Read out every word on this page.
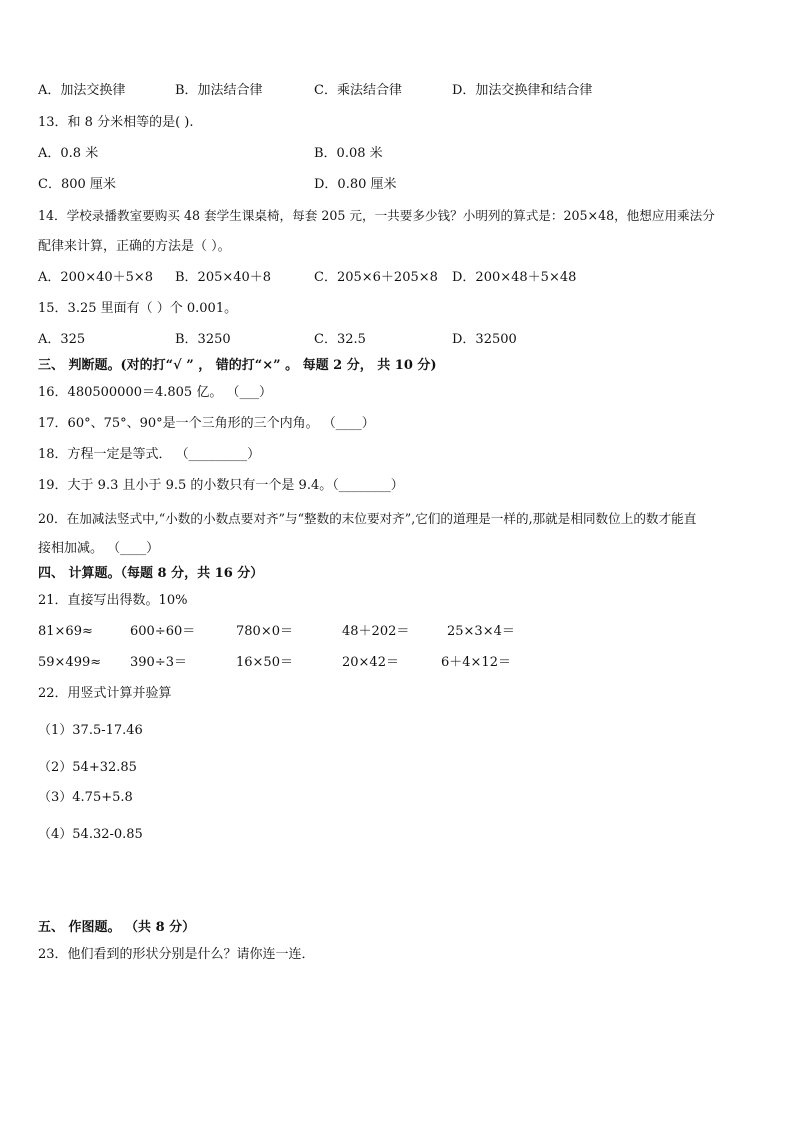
A．加法交换律	B．加法结合律	C．乘法结合律	D．加法交换律和结合律
13．和 8 分米相等的是( ).
A．0.8 米	B．0.08 米
C．800 厘米	D．0.80 厘米
14．学校录播教室要购买 48 套学生课桌椅，每套 205 元，一共要多少钱？小明列的算式是：205×48，他想应用乘法分
配律来计算，正确的方法是（ ）。
A．200×40＋5×8 B．205×40＋8	C．205×6＋205×8 D．200×48＋5×48
15．3.25 里面有（ ）个 0.001。
A．325	B．3250	C．32.5	D．32500
三、 判断题。(对的打“√ ” ， 错的打“×” 。 每题 2 分， 共 10 分)
16．480500000＝4.805 亿。 （___）
17．60°、75°、90°是一个三角形的三个内角。 （____）
18．方程一定是等式． （_________）
19．大于 9.3 且小于 9.5 的小数只有一个是 9.4。（________）
20．在加减法竖式中,“小数的小数点要对齐”与“整数的末位要对齐”,它们的道理是一样的,那就是相同数位上的数才能直
接相加减。 （____）
四、 计算题。（每题 8 分，共 16 分）
21．直接写出得数。10%
81×69≈	600÷60＝	780×0＝	48＋202＝	25×3×4＝
59×499≈ 390÷3＝	16×50＝	20×42＝	6＋4×12＝
22．用竖式计算并验算
（1）37.5-17.46
（2）54+32.85
（3）4.75+5.8
（4）54.32-0.85
五、 作图题。 （共 8 分）
23．他们看到的形状分别是什么？请你连一连．
